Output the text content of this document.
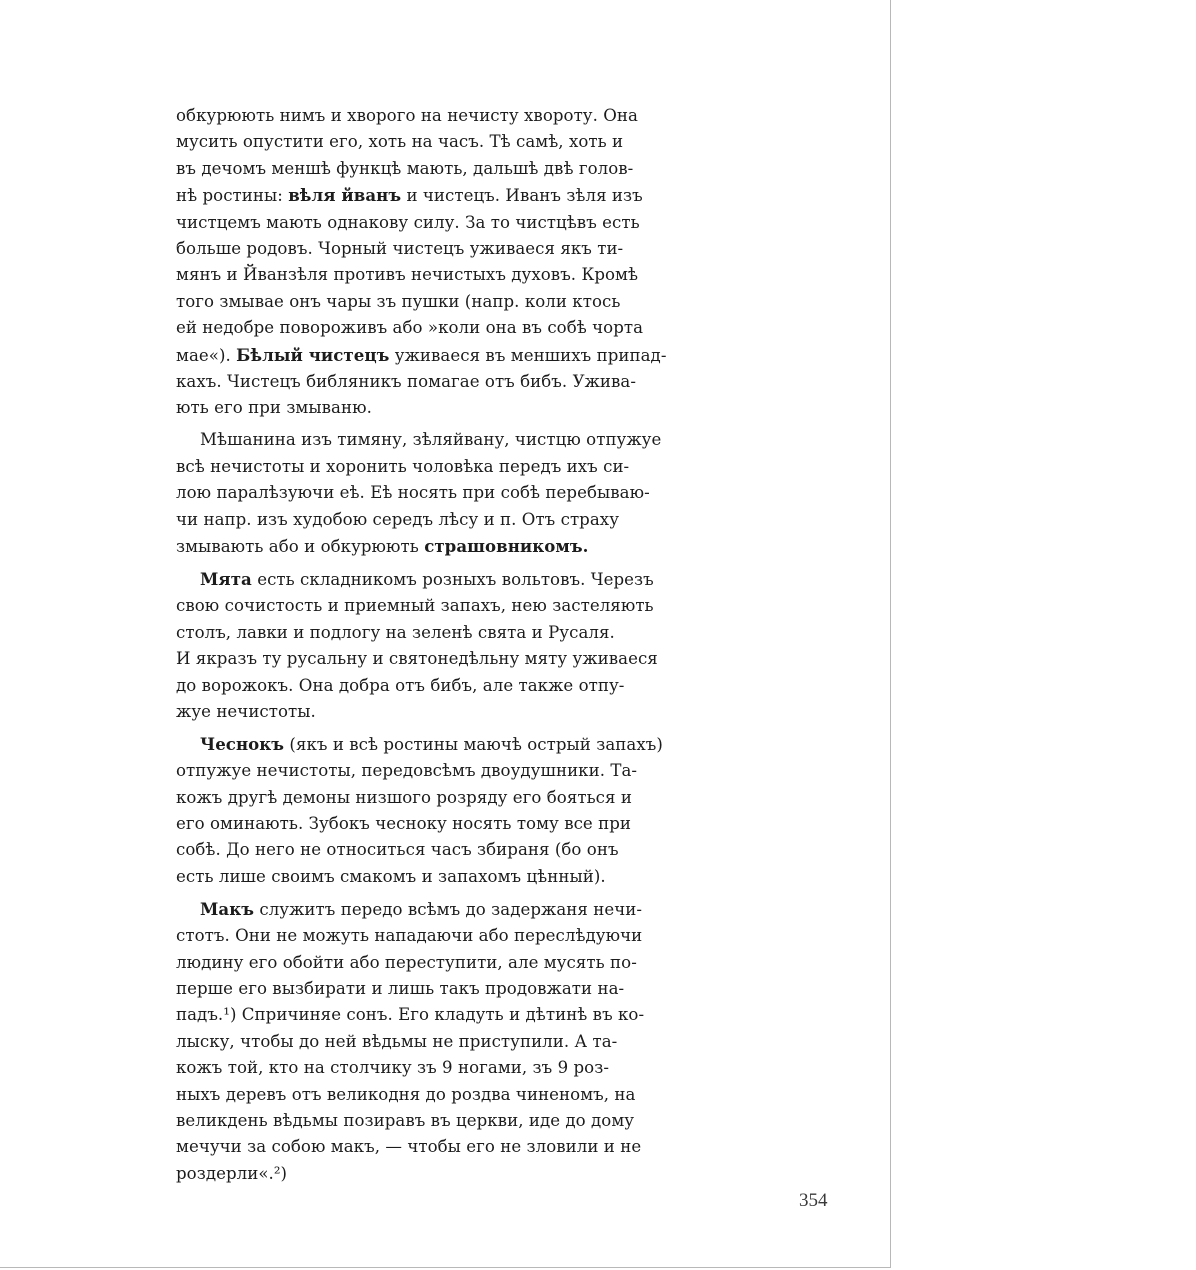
обкурюють нимъ и хворого на нечисту хвороту. Она
мусить опустити его, хоть на часъ. Тѣ самѣ, хоть и
въ дечомъ меншѣ функцѣ мають, дальшѣ двѣ голов-
нѣ ростины: вѣля йванъ и чистецъ. Иванъ зѣля изъ
чистцемъ мають однакову силу. За то чистцѣвъ есть
больше родовъ. Чорный чистецъ уживаеся якъ ти-
мянъ и Йванзѣля противъ нечистыхъ духовъ. Кромѣ
того змывае онъ чары зъ пушки (напр. коли ктось
ей недобре повороживъ або »коли она въ собѣ чорта
мае«). Бѣлый чистецъ уживаеся въ меншихъ припад-
кахъ. Чистецъ библяникъ помагае отъ бибъ. Ужива-
ють его при змываню.

Мѣшанина изъ тимяну, зѣляйвану, чистцю отпужуе
всѣ нечистоты и хоронить чоловѣка передъ ихъ си-
лою паралѣзуючи еѣ. Еѣ носять при собѣ перебываю-
чи напр. изъ худобою середъ лѣсу и п. Отъ страху
змывають або и обкурюють страшовникомъ.

Мята есть складникомъ розныхъ вольтовъ. Черезъ
свою сочистость и приемный запахъ, нею застеляють
столъ, лавки и подлогу на зеленѣ свята и Русаля.
И якразъ ту русальну и святонедѣльну мяту уживаеся
до ворожокъ. Она добра отъ бибъ, але также отпу-
жуе нечистоты.

Чеснокъ (якъ и всѣ ростины маючѣ острый запахъ)
отпужуе нечистоты, передовсѣмъ двоудушники. Та-
кожъ другѣ демоны низшого розряду его бояться и
его оминають. Зубокъ чесноку носять тому все при
собѣ. До него не относиться часъ збираня (бо онъ
есть лише своимъ смакомъ и запахомъ цѣнный).

Макъ служитъ передо всѣмъ до задержаня нечи-
стотъ. Они не можуть нападаючи або переслѣдуючи
людину его обойти або переступити, але мусять по-
перше его вызбирати и лишь такъ продовжати на-
падъ.¹) Спричиняе сонъ. Его кладуть и дѣтинѣ въ ко-
лыску, чтобы до ней вѣдьмы не приступили. А та-
кожъ той, кто на столчику зъ 9 ногами, зъ 9 роз-
ныхъ деревъ отъ великодня до роздва чиненомъ, на
великдень вѣдьмы позиравъ въ церкви, иде до дому
мечучи за собою макъ, — чтобы его не зловили и не
роздерли«.²)

354
